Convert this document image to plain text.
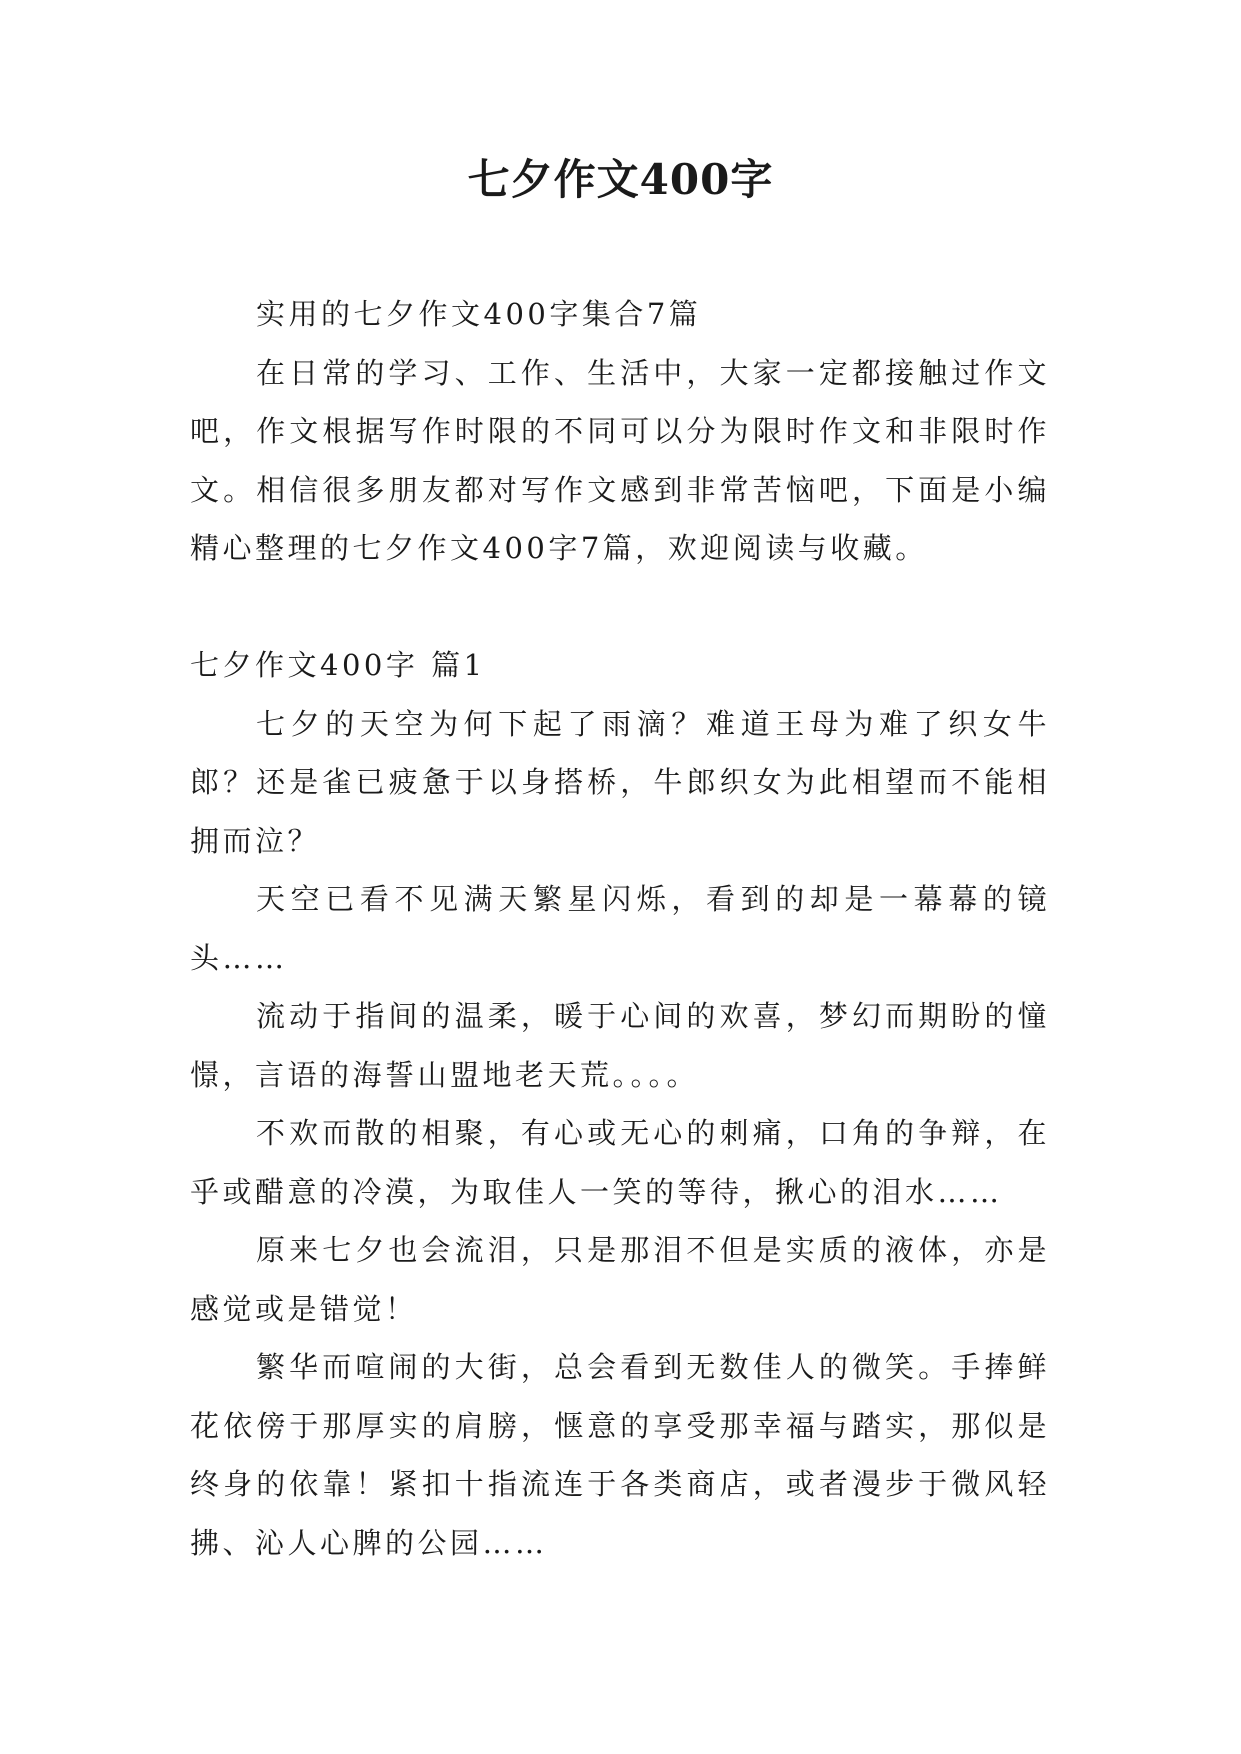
七夕作文400字

实用的七夕作文400字集合7篇

在日常的学习、工作、生活中，大家一定都接触过作文吧，作文根据写作时限的不同可以分为限时作文和非限时作文。相信很多朋友都对写作文感到非常苦恼吧，下面是小编精心整理的七夕作文400字7篇，欢迎阅读与收藏。

七夕作文400字 篇1

七夕的天空为何下起了雨滴？难道王母为难了织女牛郎？还是雀已疲惫于以身搭桥，牛郎织女为此相望而不能相拥而泣？

天空已看不见满天繁星闪烁，看到的却是一幕幕的镜头……

流动于指间的温柔，暖于心间的欢喜，梦幻而期盼的憧憬，言语的海誓山盟地老天荒。。。。

不欢而散的相聚，有心或无心的刺痛，口角的争辩，在乎或醋意的冷漠，为取佳人一笑的等待，揪心的泪水……

原来七夕也会流泪，只是那泪不但是实质的液体，亦是感觉或是错觉！

繁华而喧闹的大街，总会看到无数佳人的微笑。手捧鲜花依傍于那厚实的肩膀，惬意的享受那幸福与踏实，那似是终身的依靠！紧扣十指流连于各类商店，或者漫步于微风轻拂、沁人心脾的公园……
